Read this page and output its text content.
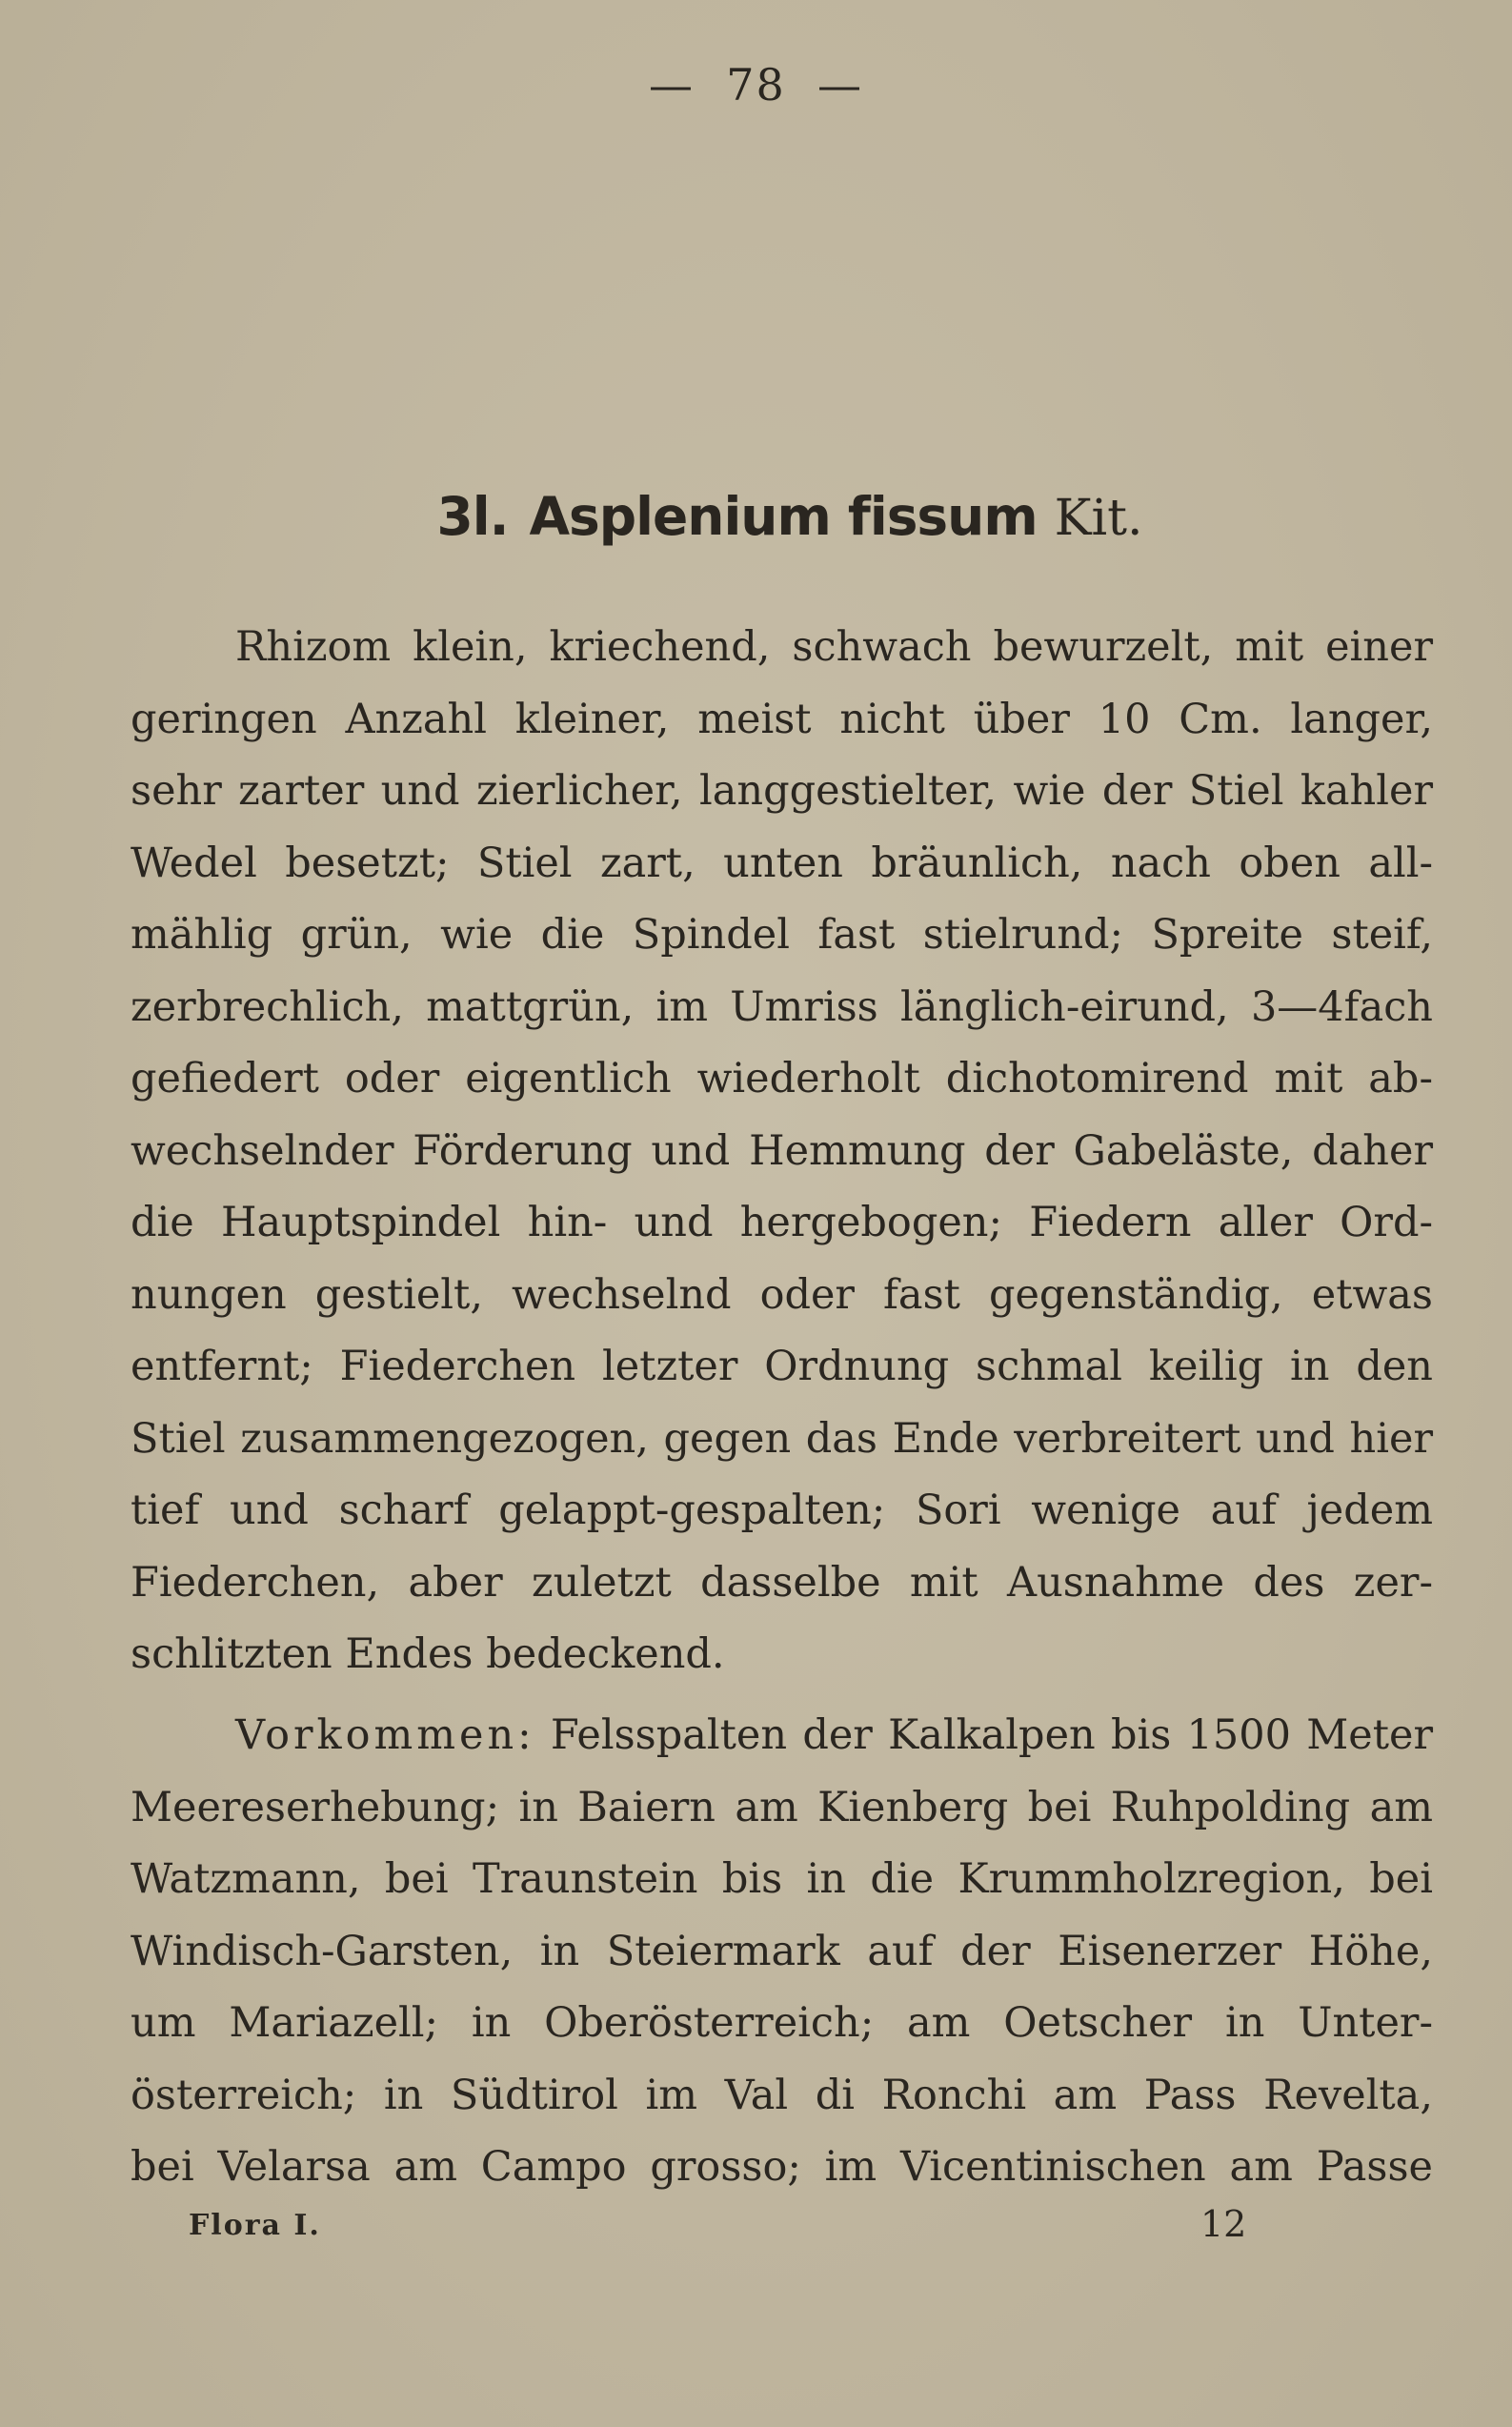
—  78  —
3l. Asplenium fissum Kit.
Rhizom klein, kriechend, schwach bewurzelt, mit einer
geringen Anzahl kleiner, meist nicht über 10 Cm. langer,
sehr zarter und zierlicher, langgestielter, wie der Stiel kahler
Wedel besetzt; Stiel zart, unten bräunlich, nach oben all-
mählig grün, wie die Spindel fast stielrund; Spreite steif,
zerbrechlich, mattgrün, im Umriss länglich-eirund, 3—4fach
gefiedert oder eigentlich wiederholt dichotomirend mit ab-
wechselnder Förderung und Hemmung der Gabeläste, daher
die Hauptspindel hin- und hergebogen; Fiedern aller Ord-
nungen gestielt, wechselnd oder fast gegenständig, etwas
entfernt; Fiederchen letzter Ordnung schmal keilig in den
Stiel zusammengezogen, gegen das Ende verbreitert und hier
tief und scharf gelappt-gespalten; Sori wenige auf jedem
Fiederchen, aber zuletzt dasselbe mit Ausnahme des zer-
schlitzten Endes bedeckend.
Vorkommen: Felsspalten der Kalkalpen bis 1500 Meter
Meereserhebung; in Baiern am Kienberg bei Ruhpolding am
Watzmann, bei Traunstein bis in die Krummholzregion, bei
Windisch-Garsten, in Steiermark auf der Eisenerzer Höhe,
um Mariazell; in Oberösterreich; am Oetscher in Unter-
österreich; in Südtirol im Val di Ronchi am Pass Revelta,
bei Velarsa am Campo grosso; im Vicentinischen am Passe
Flora I.	12
